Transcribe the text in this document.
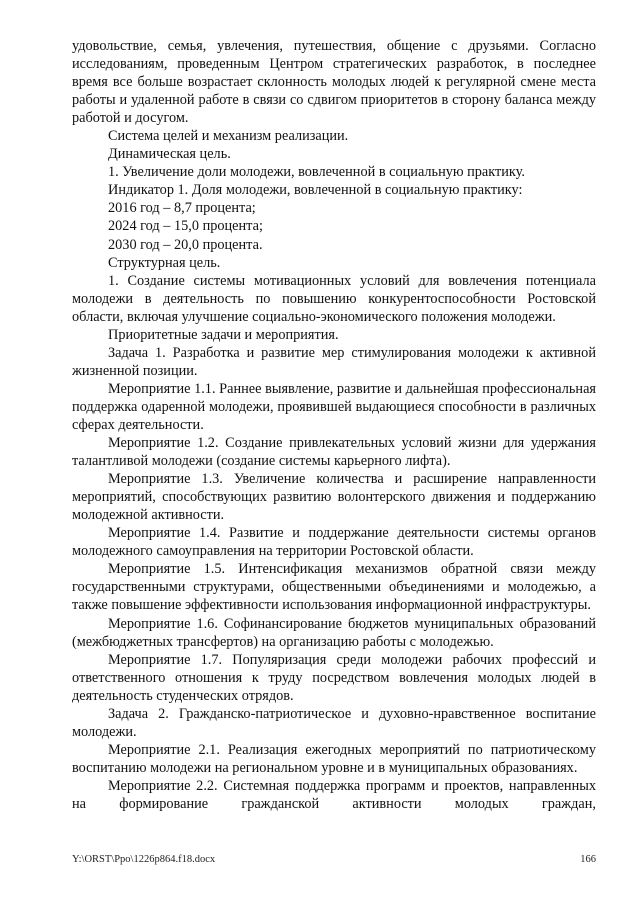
удовольствие, семья, увлечения, путешествия, общение с друзьями. Согласно исследованиям, проведенным Центром стратегических разработок, в последнее время все больше возрастает склонность молодых людей к регулярной смене места работы и удаленной работе в связи со сдвигом приоритетов в сторону баланса между работой и досугом.

Система целей и механизм реализации.

Динамическая цель.

1. Увеличение доли молодежи, вовлеченной в социальную практику.

Индикатор 1. Доля молодежи, вовлеченной в социальную практику:

2016 год – 8,7 процента;

2024 год – 15,0 процента;

2030 год – 20,0 процента.

Структурная цель.

1. Создание системы мотивационных условий для вовлечения потенциала молодежи в деятельность по повышению конкурентоспособности Ростовской области, включая улучшение социально-экономического положения молодежи.

Приоритетные задачи и мероприятия.

Задача 1. Разработка и развитие мер стимулирования молодежи к активной жизненной позиции.

Мероприятие 1.1. Раннее выявление, развитие и дальнейшая профессиональная поддержка одаренной молодежи, проявившей выдающиеся способности в различных сферах деятельности.

Мероприятие 1.2. Создание привлекательных условий жизни для удержания талантливой молодежи (создание системы карьерного лифта).

Мероприятие 1.3. Увеличение количества и расширение направленности мероприятий, способствующих развитию волонтерского движения и поддержанию молодежной активности.

Мероприятие 1.4. Развитие и поддержание деятельности системы органов молодежного самоуправления на территории Ростовской области.

Мероприятие 1.5. Интенсификация механизмов обратной связи между государственными структурами, общественными объединениями и молодежью, а также повышение эффективности использования информационной инфраструктуры.

Мероприятие 1.6. Софинансирование бюджетов муниципальных образований (межбюджетных трансфертов) на организацию работы с молодежью.

Мероприятие 1.7. Популяризация среди молодежи рабочих профессий и ответственного отношения к труду посредством вовлечения молодых людей в деятельность студенческих отрядов.

Задача 2. Гражданско-патриотическое и духовно-нравственное воспитание молодежи.

Мероприятие 2.1. Реализация ежегодных мероприятий по патриотическому воспитанию молодежи на региональном уровне и в муниципальных образованиях.

Мероприятие 2.2. Системная поддержка программ и проектов, направленных на формирование гражданской активности молодых граждан,

Y:\ORST\Ppo\1226p864.f18.docx	166
